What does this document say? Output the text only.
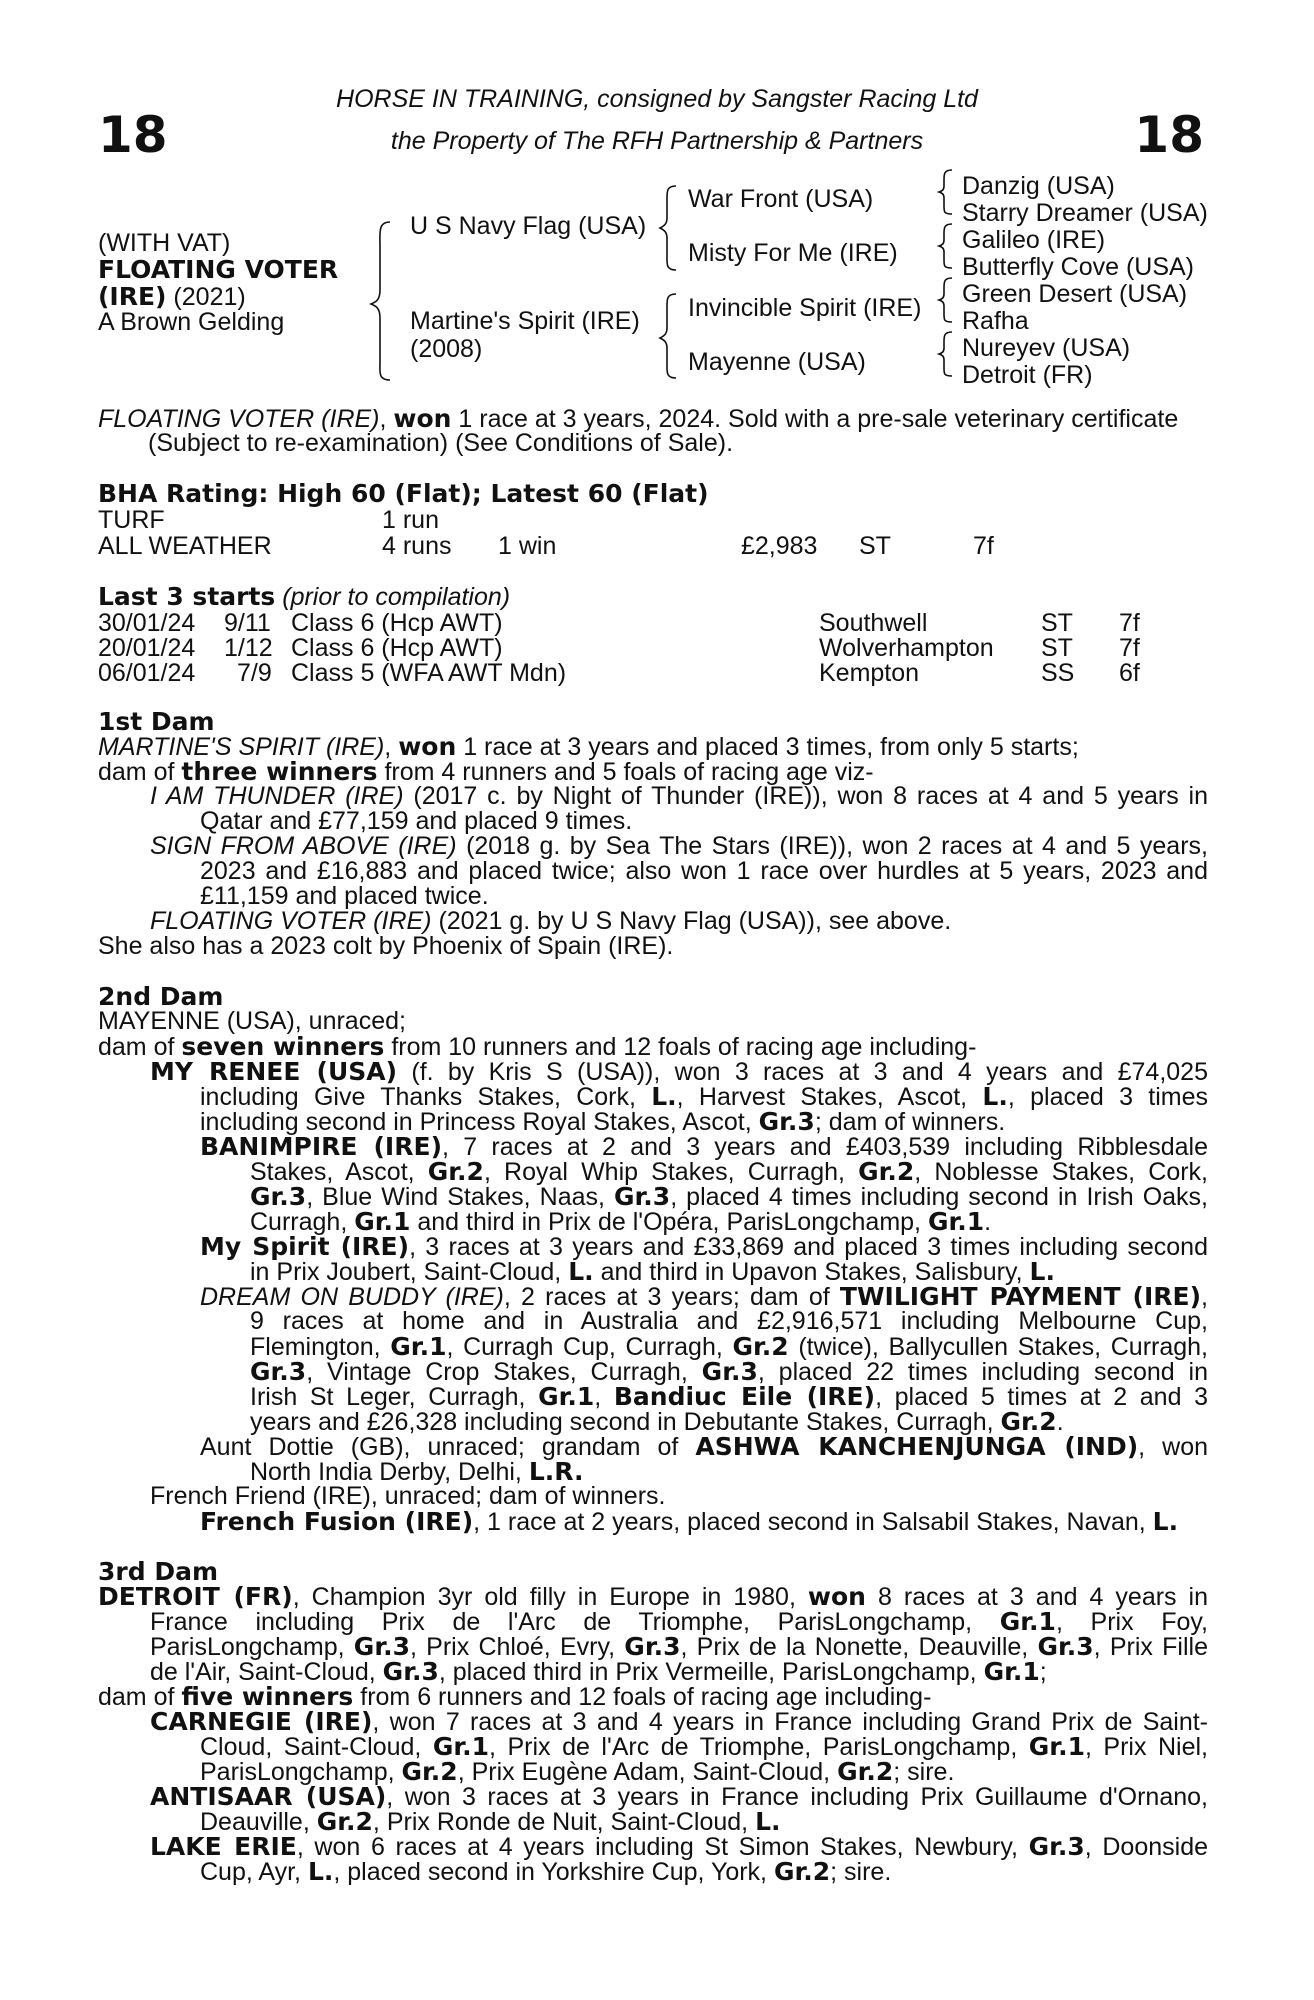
18	18
HORSE IN TRAINING, consigned by Sangster Racing Ltd
the Property of The RFH Partnership & Partners
(WITH VAT)
FLOATING VOTER
(IRE) (2021)
A Brown Gelding
U S Navy Flag (USA)
Martine's Spirit (IRE)
(2008)
War Front (USA)
Misty For Me (IRE)
Invincible Spirit (IRE)
Mayenne (USA)
Danzig (USA)
Starry Dreamer (USA)
Galileo (IRE)
Butterfly Cove (USA)
Green Desert (USA)
Rafha
Nureyev (USA)
Detroit (FR)
FLOATING VOTER (IRE), won 1 race at 3 years, 2024. Sold with a pre-sale veterinary certificate
(Subject to re-examination) (See Conditions of Sale).
BHA Rating: High 60 (Flat); Latest 60 (Flat)
TURF	1 run
ALL WEATHER	4 runs 1 win	£2,983 ST	7f
Last 3 starts (prior to compilation)
30/01/24 9/11 Class 6 (Hcp AWT)	Southwell	ST 7f
20/01/24 1/12 Class 6 (Hcp AWT)	Wolverhampton ST 7f
06/01/24 7/9 Class 5 (WFA AWT Mdn)	Kempton	SS 6f
1st Dam
MARTINE'S SPIRIT (IRE), won 1 race at 3 years and placed 3 times, from only 5 starts;
dam of three winners from 4 runners and 5 foals of racing age viz-
I AM THUNDER (IRE) (2017 c. by Night of Thunder (IRE)), won 8 races at 4 and 5 years in
Qatar and £77,159 and placed 9 times.
SIGN FROM ABOVE (IRE) (2018 g. by Sea The Stars (IRE)), won 2 races at 4 and 5 years,
2023 and £16,883 and placed twice; also won 1 race over hurdles at 5 years, 2023 and
£11,159 and placed twice.
FLOATING VOTER (IRE) (2021 g. by U S Navy Flag (USA)), see above.
She also has a 2023 colt by Phoenix of Spain (IRE).
2nd Dam
MAYENNE (USA), unraced;
dam of seven winners from 10 runners and 12 foals of racing age including-
MY RENEE (USA) (f. by Kris S (USA)), won 3 races at 3 and 4 years and £74,025
including Give Thanks Stakes, Cork, L., Harvest Stakes, Ascot, L., placed 3 times
including second in Princess Royal Stakes, Ascot, Gr.3; dam of winners.
BANIMPIRE (IRE), 7 races at 2 and 3 years and £403,539 including Ribblesdale
Stakes, Ascot, Gr.2, Royal Whip Stakes, Curragh, Gr.2, Noblesse Stakes, Cork,
Gr.3, Blue Wind Stakes, Naas, Gr.3, placed 4 times including second in Irish Oaks,
Curragh, Gr.1 and third in Prix de l'Opéra, ParisLongchamp, Gr.1.
My Spirit (IRE), 3 races at 3 years and £33,869 and placed 3 times including second
in Prix Joubert, Saint-Cloud, L. and third in Upavon Stakes, Salisbury, L.
DREAM ON BUDDY (IRE), 2 races at 3 years; dam of TWILIGHT PAYMENT (IRE),
9 races at home and in Australia and £2,916,571 including Melbourne Cup,
Flemington, Gr.1, Curragh Cup, Curragh, Gr.2 (twice), Ballycullen Stakes, Curragh,
Gr.3, Vintage Crop Stakes, Curragh, Gr.3, placed 22 times including second in
Irish St Leger, Curragh, Gr.1, Bandiuc Eile (IRE), placed 5 times at 2 and 3
years and £26,328 including second in Debutante Stakes, Curragh, Gr.2.
Aunt Dottie (GB), unraced; grandam of ASHWA KANCHENJUNGA (IND), won
North India Derby, Delhi, L.R.
French Friend (IRE), unraced; dam of winners.
French Fusion (IRE), 1 race at 2 years, placed second in Salsabil Stakes, Navan, L.
3rd Dam
DETROIT (FR), Champion 3yr old filly in Europe in 1980, won 8 races at 3 and 4 years in
France including Prix de l'Arc de Triomphe, ParisLongchamp, Gr.1, Prix Foy,
ParisLongchamp, Gr.3, Prix Chloé, Evry, Gr.3, Prix de la Nonette, Deauville, Gr.3, Prix Fille
de l'Air, Saint-Cloud, Gr.3, placed third in Prix Vermeille, ParisLongchamp, Gr.1;
dam of five winners from 6 runners and 12 foals of racing age including-
CARNEGIE (IRE), won 7 races at 3 and 4 years in France including Grand Prix de Saint-
Cloud, Saint-Cloud, Gr.1, Prix de l'Arc de Triomphe, ParisLongchamp, Gr.1, Prix Niel,
ParisLongchamp, Gr.2, Prix Eugène Adam, Saint-Cloud, Gr.2; sire.
ANTISAAR (USA), won 3 races at 3 years in France including Prix Guillaume d'Ornano,
Deauville, Gr.2, Prix Ronde de Nuit, Saint-Cloud, L.
LAKE ERIE, won 6 races at 4 years including St Simon Stakes, Newbury, Gr.3, Doonside
Cup, Ayr, L., placed second in Yorkshire Cup, York, Gr.2; sire.
